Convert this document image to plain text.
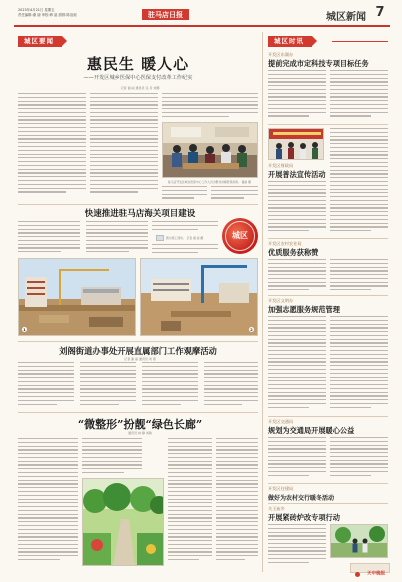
2023年4月21日 星期五
责任编辑:谢 丽 审校:韩 晶 照排:陈治琼	驻马店日报	城区新闻 7
城区要闻
惠民生 暖人心
——开发区城乡医保中心医保支付改革工作纪实
记者 谢 丽 通讯员 张 丹 刘娜
驻马店开发区城乡医保中心工作人员为群众讲解医保政策。 谢丽 摄
快速推进驻马店海关项目建设
图为施工现场。 记者 谢 丽 摄	城区
1	2
刘阁街道办事处开展直属部门工作观摩活动
记者 谢 丽 通讯员 刘 燕
“微整形”扮靓“绿色长廊”
通讯员 林 静 刘敏
城区时讯
开发区东湖办
提前完成市定科技专项目标任务
开发区财政局
开展普法宣传活动
开发区农村农业局
优质服务获称赞
开发区文明办
加强志愿服务规范管理
开发区交通局
规划为交通局开展暖心公益
开发区住建局
做好为农村交行暖冬活动
关王庙乡
开展紧砖炉改专项行动
天中晚报
